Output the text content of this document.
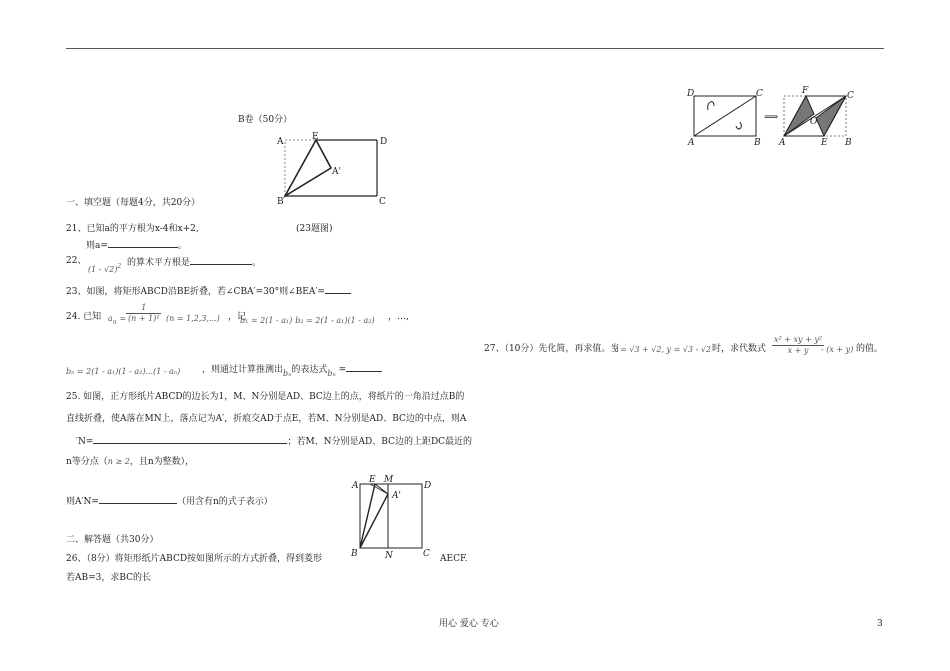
B卷（50分）
A	E	D
A'
B	C
一、填空题（每题4分，共20分）
21、已知a的平方根为x-4和x+2,	(23题图)
则a=	。
22、
(1 - √2)$^2$ 的算术平方根是	。
23、如图，将矩形ABCD沿BE折叠，若∠CBA′=30°则∠BEA′=
24. 已知 $a_n = \frac{1}{\text{(n + 1)²}} (n = 1,2,3,...)$ ，记
b₁ = 2(1 - a₁) b₂ = 2(1 - a₁)(1 - a₂) ，…,
bₙ = 2(1 - a₁)(1 - a₂)...(1 - aₙ) ，则通过计算推测出bₙ的表达式bₙ =
25. 如图，正方形纸片ABCD的边长为1，M、N分别是AD、BC边上的点，将纸片的一角沿过点B的
直线折叠，使A落在MN上，落点记为A′，折痕交AD于点E，若M、N分别是AD、BC边的中点，则A
′N=	；若M、N分别是AD、BC边的上距DC最近的
n等分点（n ≥ 2，且n为整数），
则A′N=	（用含有n的式子表示）
A
E M
D
A'
B	N	C
二、解答题（共30分）
26、（8分）将矩形纸片ABCD按如图所示的方式折叠，得到菱形	AECF.
若AB=3，求BC的长
D	C
A	B
⟹
F	C
O
A	E B
27、（10分）先化简，再求值。当
x = √3 + √2, y = √3 - √2 时，求代数式 $\frac{\text{x² + xy + y²}}{x + y}$
- (x + y) 的值。
用心 爱心 专心	3
